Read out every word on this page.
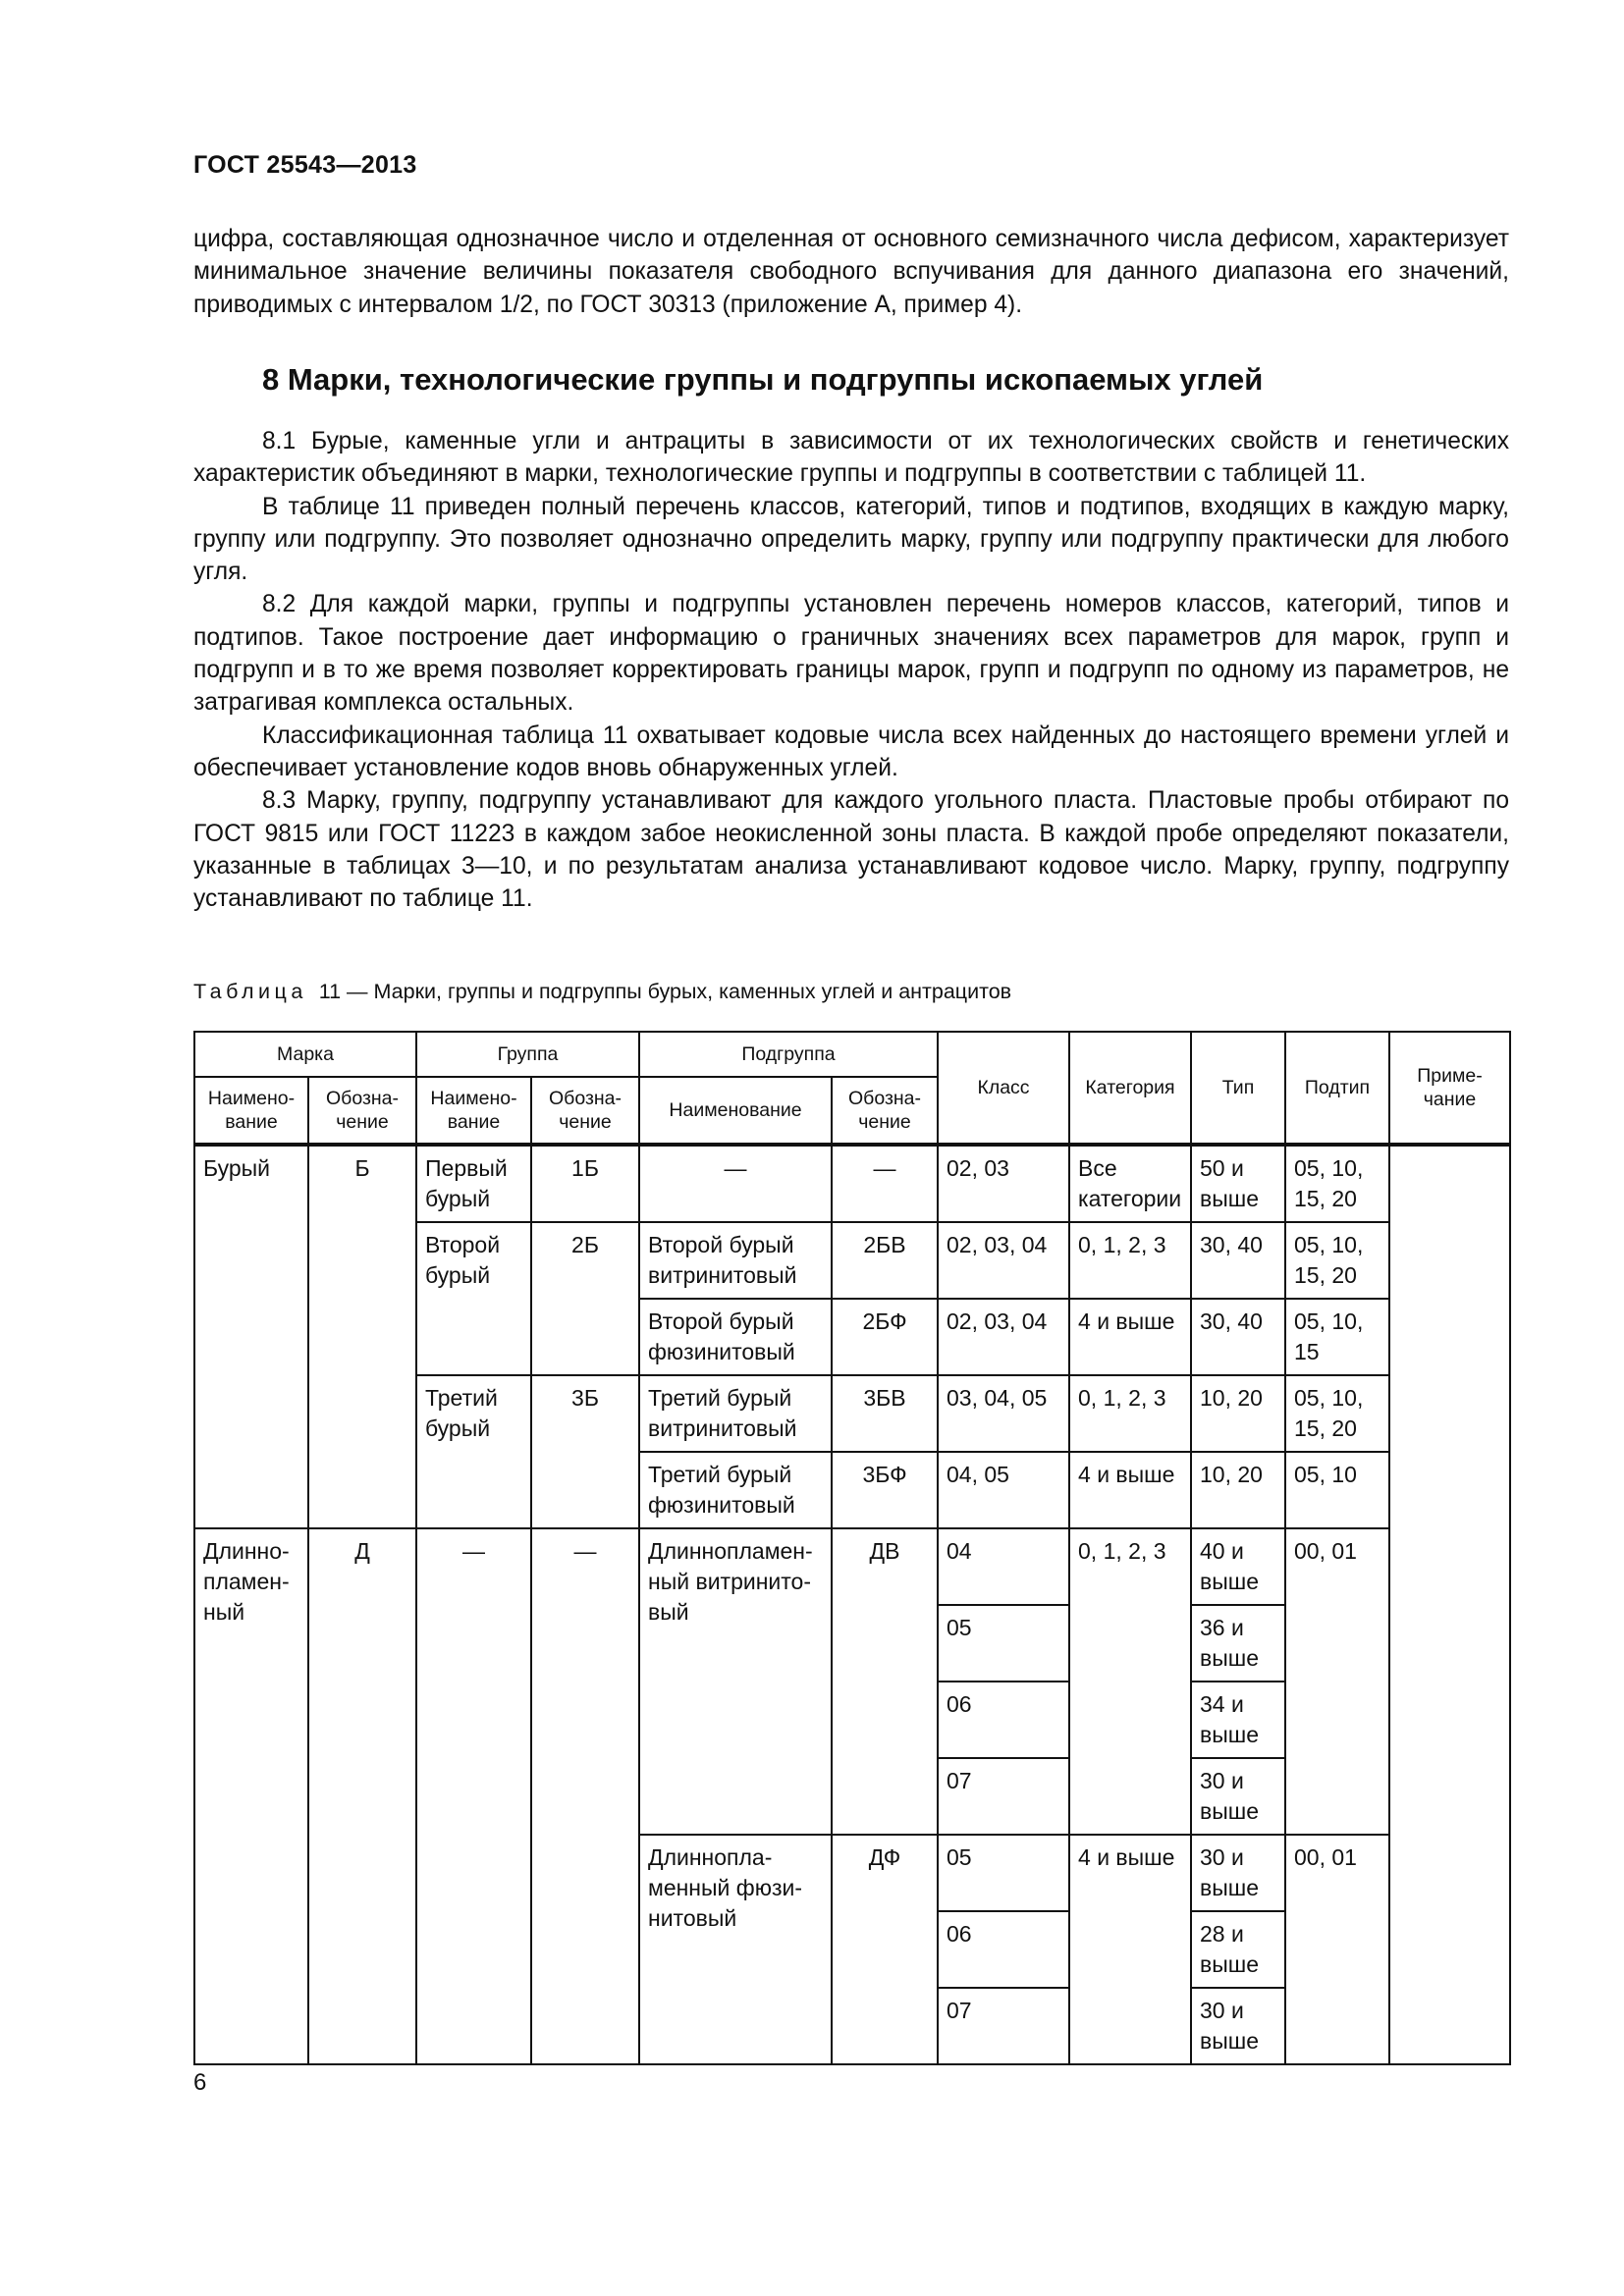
ГОСТ 25543—2013

цифра, составляющая однозначное число и отделенная от основного семизначного числа дефисом, характеризует минимальное значение величины показателя свободного вспучивания для данного диапазона его значений, приводимых с интервалом 1/2, по ГОСТ 30313 (приложение А, пример 4).

8 Марки, технологические группы и подгруппы ископаемых углей

8.1 Бурые, каменные угли и антрациты в зависимости от их технологических свойств и генетических характеристик объединяют в марки, технологические группы и подгруппы в соответствии с таблицей 11.

В таблице 11 приведен полный перечень классов, категорий, типов и подтипов, входящих в каждую марку, группу или подгруппу. Это позволяет однозначно определить марку, группу или подгруппу практически для любого угля.

8.2 Для каждой марки, группы и подгруппы установлен перечень номеров классов, категорий, типов и подтипов. Такое построение дает информацию о граничных значениях всех параметров для марок, групп и подгрупп и в то же время позволяет корректировать границы марок, групп и подгрупп по одному из параметров, не затрагивая комплекса остальных.

Классификационная таблица 11 охватывает кодовые числа всех найденных до настоящего времени углей и обеспечивает установление кодов вновь обнаруженных углей.

8.3 Марку, группу, подгруппу устанавливают для каждого угольного пласта. Пластовые пробы отбирают по ГОСТ 9815 или ГОСТ 11223 в каждом забое неокисленной зоны пласта. В каждой пробе определяют показатели, указанные в таблицах 3—10, и по результатам анализа устанавливают кодовое число. Марку, группу, подгруппу устанавливают по таблице 11.

Таблица 11 — Марки, группы и подгруппы бурых, каменных углей и антрацитов
Марка		Группа		Подгруппа		Класс	Категория	Тип	Подтип	Приме-чание
Наимено-вание	Обозна-чение	Наимено-вание	Обозна-чение	Наименование	Обозна-чение					
Бурый	Б	Первый бурый	1Б	—	—	02, 03	Все категории	50 и выше	05, 10, 15, 20	
		Второй бурый	2Б	Второй бурый витринитовый	2БВ	02, 03, 04	0, 1, 2, 3	30, 40	05, 10, 15, 20	
				Второй бурый фюзинитовый	2БФ	02, 03, 04	4 и выше	30, 40	05, 10, 15	
		Третий бурый	3Б	Третий бурый витринитовый	3БВ	03, 04, 05	0, 1, 2, 3	10, 20	05, 10, 15, 20	
				Третий бурый фюзинитовый	3БФ	04, 05	4 и выше	10, 20	05, 10	
Длинно-пламен-ный	Д	—	—	Длиннопламен-ный витринито-вый	ДВ	04	0, 1, 2, 3	40 и выше	00, 01	
						05		36 и выше		
						06		34 и выше		
						07		30 и выше		
				Длиннопла-менный фюзи-нитовый	ДФ	05	4 и выше	30 и выше	00, 01	
						06		28 и выше		
						07		30 и выше		
6
